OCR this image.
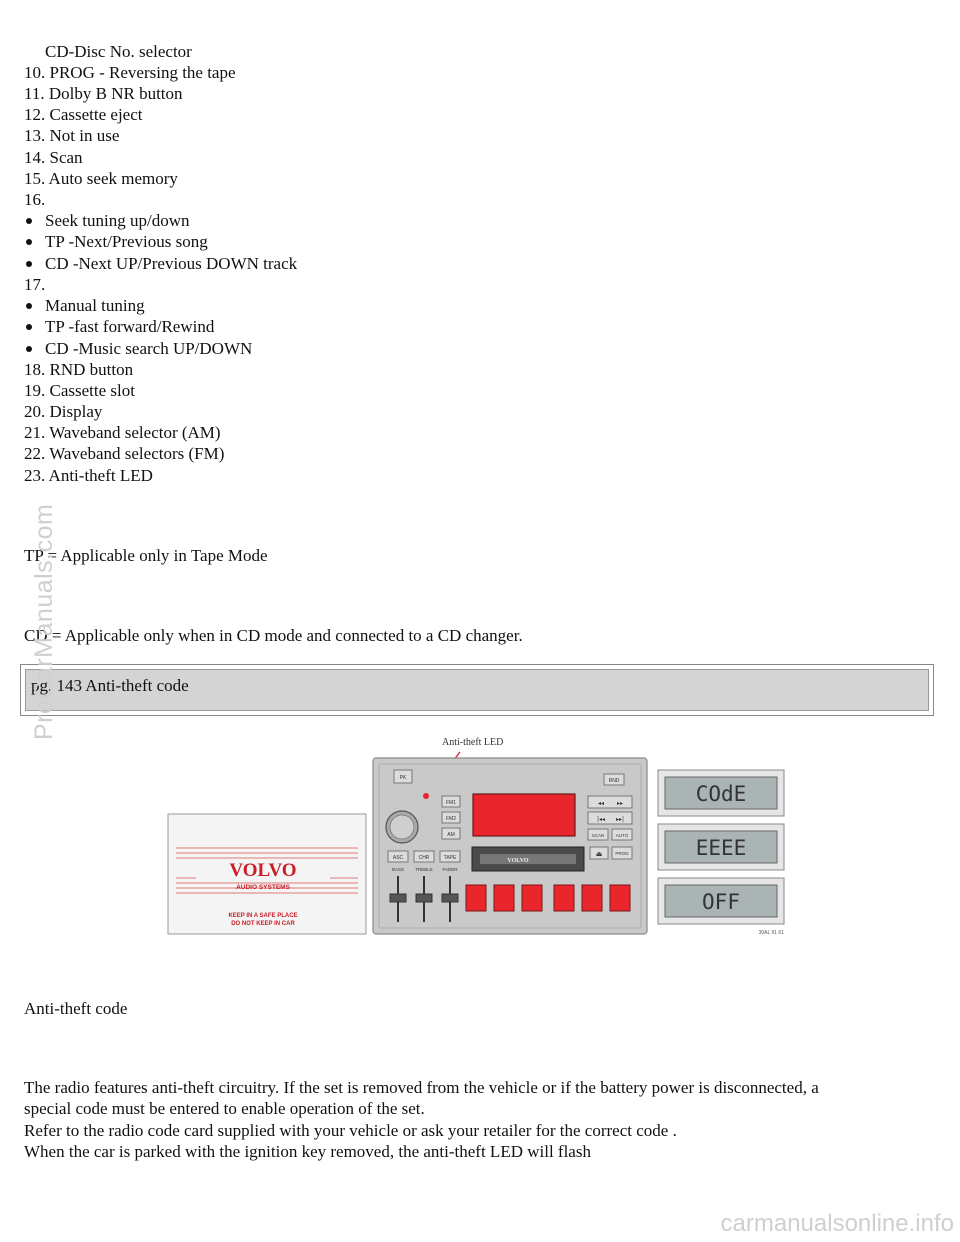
CD-Disc No. selector
10. PROG - Reversing the tape
11. Dolby B NR button
12. Cassette eject
13. Not in use
14. Scan
15. Auto seek memory
16.
Seek tuning up/down
TP -Next/Previous song
CD -Next UP/Previous DOWN track
17.
Manual tuning
TP -fast forward/Rewind
CD -Music search UP/DOWN
18. RND button
19. Cassette slot
20. Display
21. Waveband selector (AM)
22. Waveband selectors (FM)
23. Anti-theft LED
TP = Applicable only in Tape Mode
CD = Applicable only when in CD mode and connected to a CD changer.
pg. 143 Anti-theft code
VOLVO
AUDIO SYSTEMS
KEEP IN A SAFE PLACE
DO NOT KEEP IN CAR
Anti-theft LED
PK
FM1
FM2
AM
RND
◂◂ ▸▸
|◂◂ ▸▸|
SCAN	AUTO
ASC	CHR	TAPE
BASS TREBLE FADER
VOLVO
⏏	PROG
COdE
EEEE
OFF
30AL 91 61
Anti-theft code
The radio features anti-theft circuitry. If the set is removed from the vehicle or if the battery power is disconnected, a
special code must be entered to enable operation of the set.
Refer to the radio code card supplied with your vehicle or ask your retailer for the correct code .
When the car is parked with the ignition key removed, the anti-theft LED will flash
ProCarManuals.com
carmanualsonline.info
